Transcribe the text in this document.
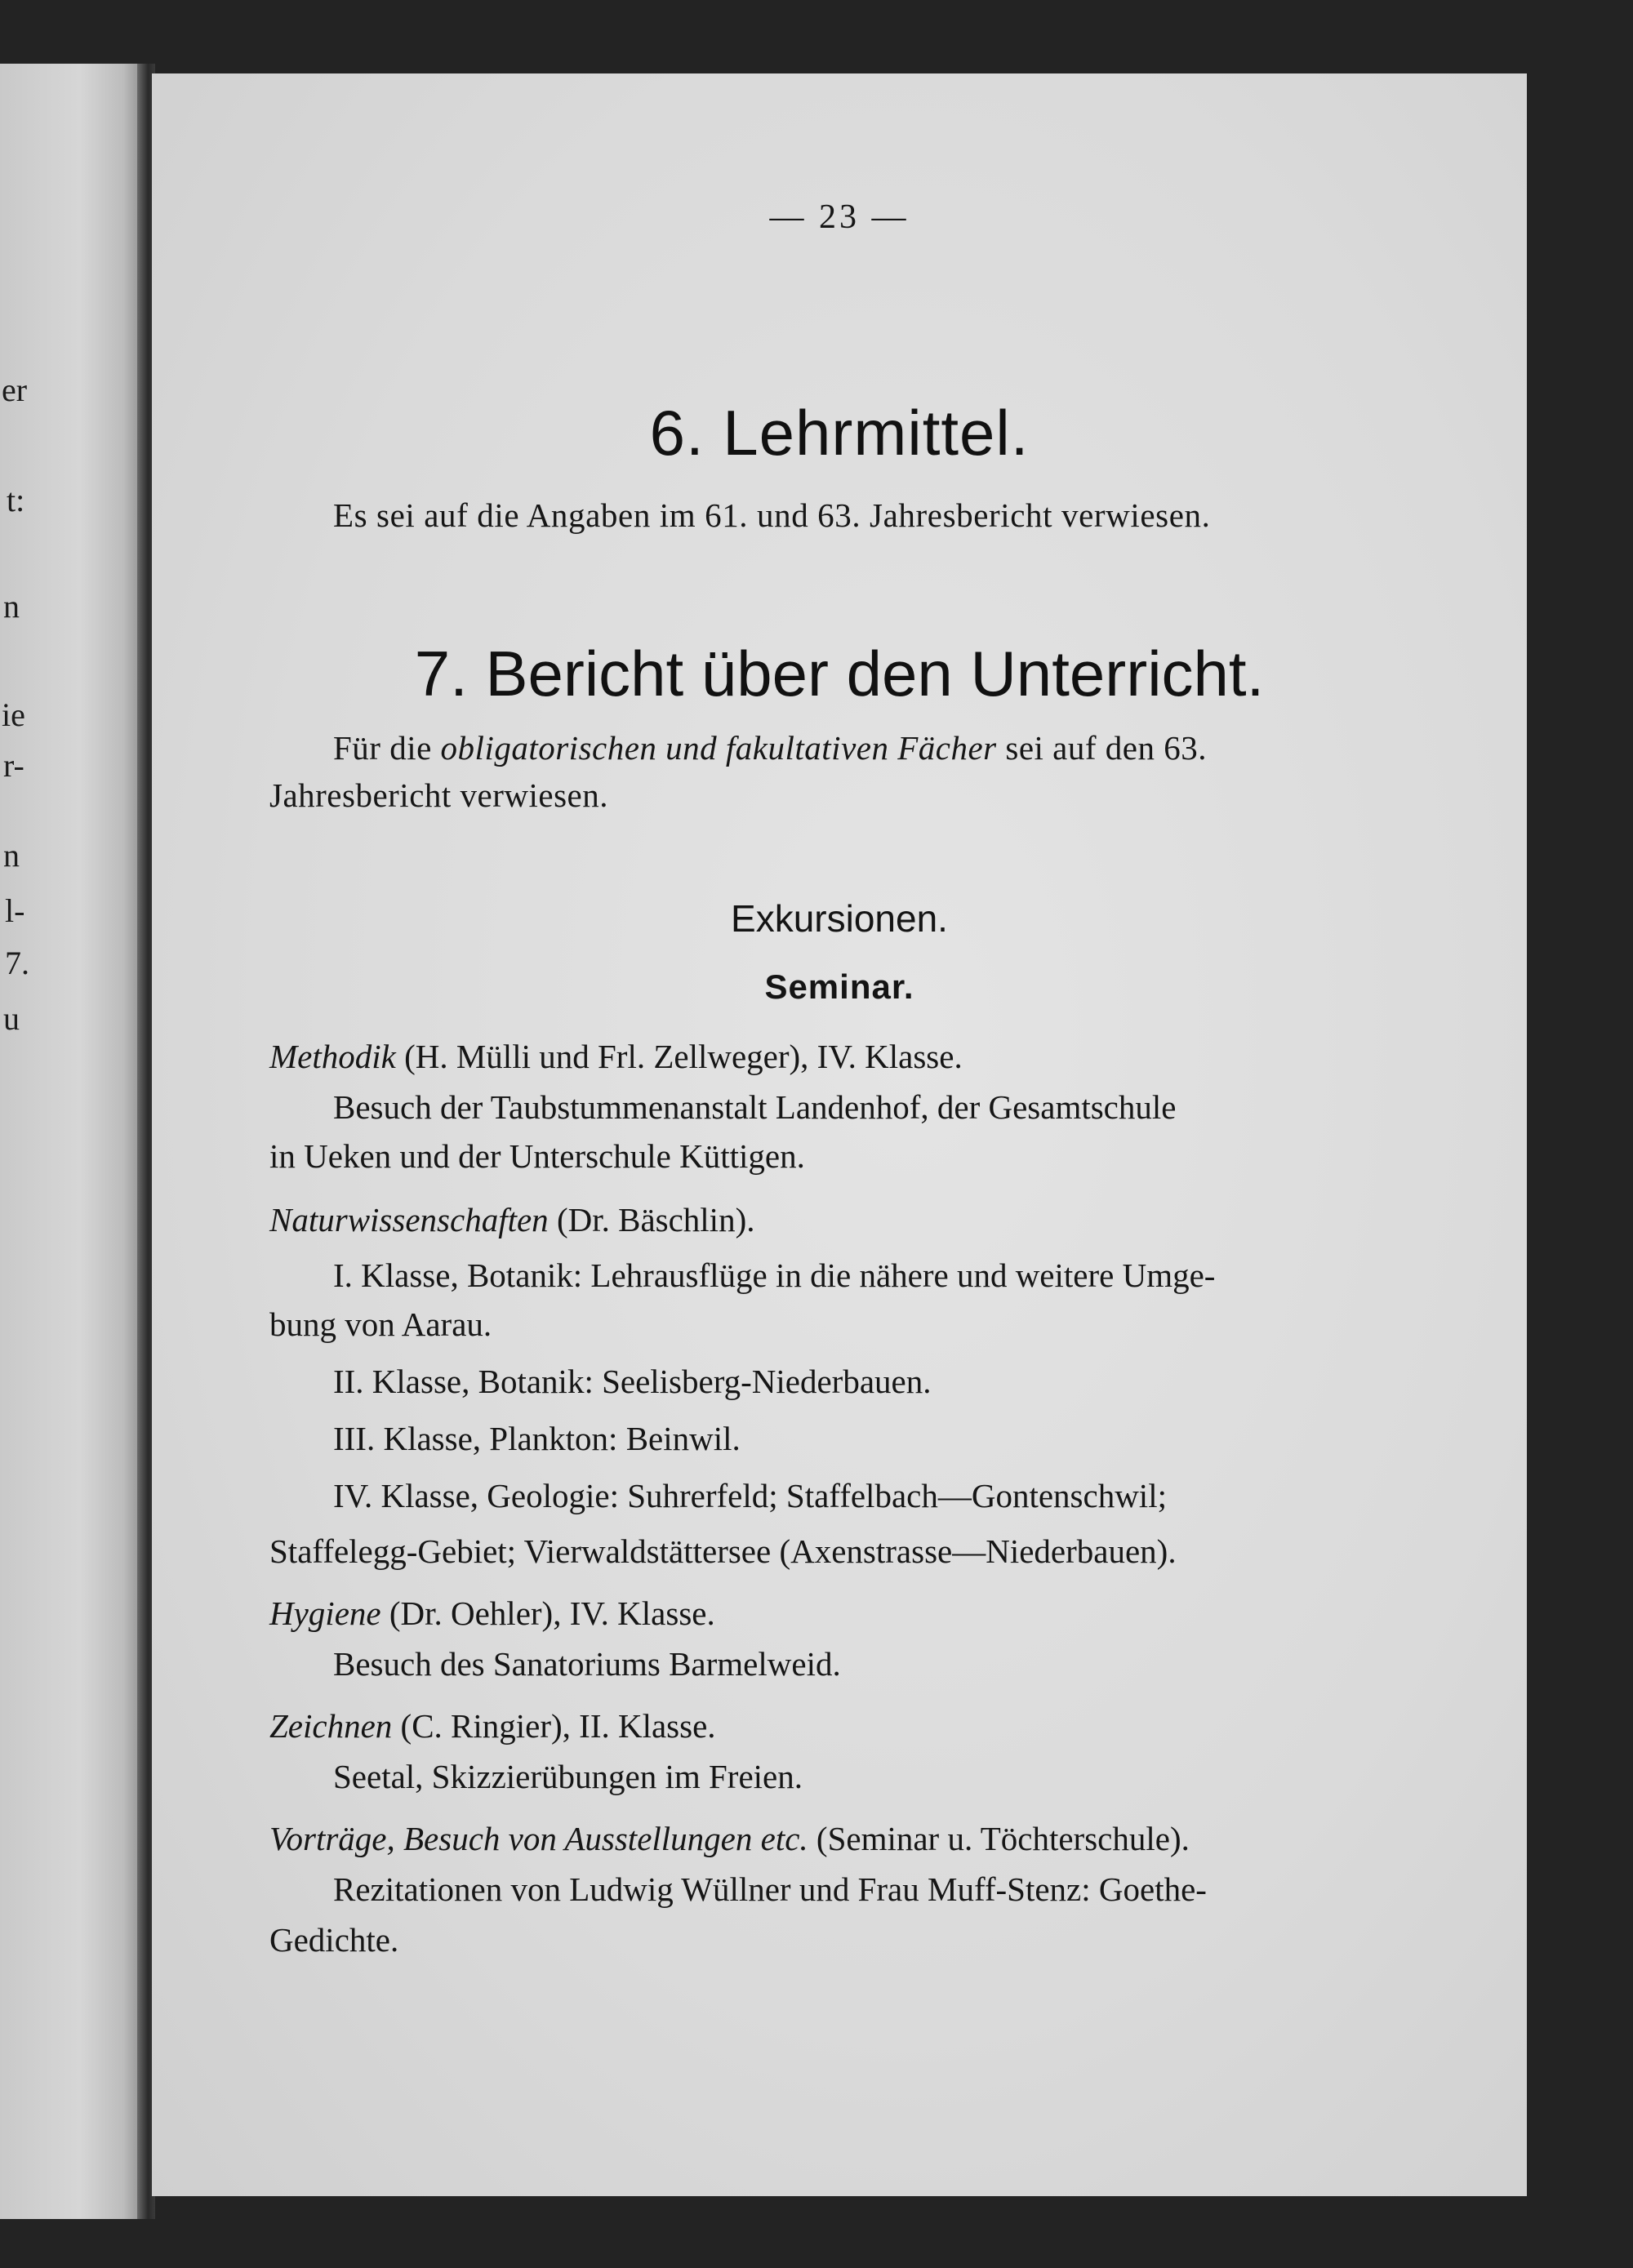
er
t:
n
ie
r-
n
l-
7.
u
— 23 —
6. Lehrmittel.
Es sei auf die Angaben im 61. und 63. Jahresbericht verwiesen.
7. Bericht über den Unterricht.
Für die obligatorischen und fakultativen Fächer sei auf den 63.
Jahresbericht verwiesen.
Exkursionen.
Seminar.
Methodik (H. Mülli und Frl. Zellweger), IV. Klasse.
Besuch der Taubstummenanstalt Landenhof, der Gesamtschule
in Ueken und der Unterschule Küttigen.
Naturwissenschaften (Dr. Bäschlin).
I. Klasse, Botanik: Lehrausflüge in die nähere und weitere Umge-
bung von Aarau.
II. Klasse, Botanik: Seelisberg-Niederbauen.
III. Klasse, Plankton: Beinwil.
IV. Klasse, Geologie: Suhrerfeld; Staffelbach—Gontenschwil;
Staffelegg-Gebiet; Vierwaldstättersee (Axenstrasse—Niederbauen).
Hygiene (Dr. Oehler), IV. Klasse.
Besuch des Sanatoriums Barmelweid.
Zeichnen (C. Ringier), II. Klasse.
Seetal, Skizzierübungen im Freien.
Vorträge, Besuch von Ausstellungen etc. (Seminar u. Töchterschule).
Rezitationen von Ludwig Wüllner und Frau Muff-Stenz: Goethe-
Gedichte.
